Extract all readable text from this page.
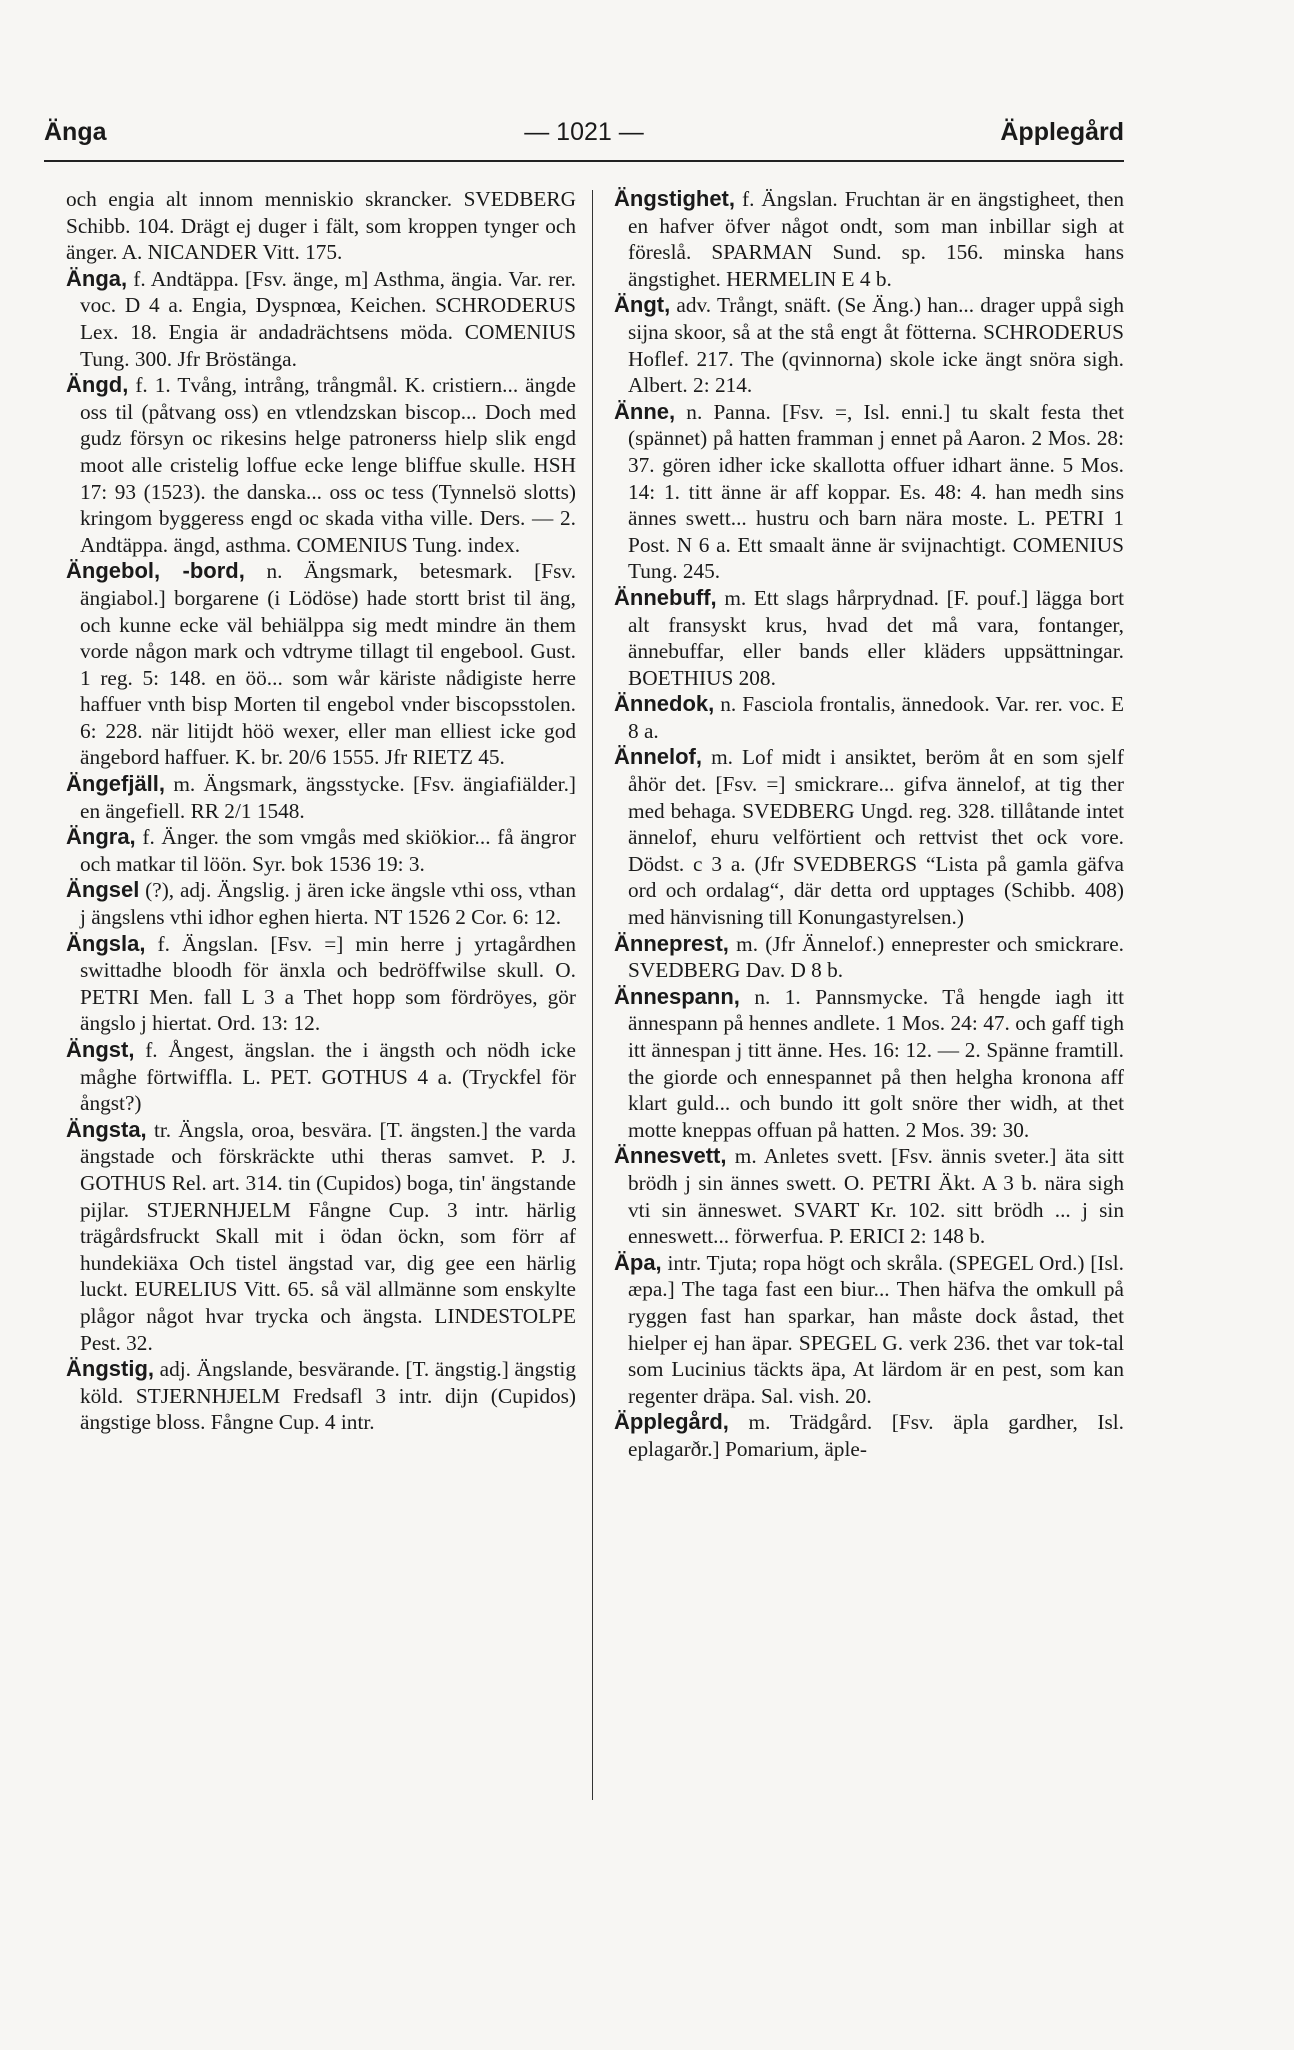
Änga	— 1021 —	Äpplegård

och engia alt innom menniskio skrancker. SVEDBERG Schibb. 104. Drägt ej duger i fält, som kroppen tynger och änger. A. NICANDER Vitt. 175.

Änga, f. Andtäppa. [Fsv. änge, m] Asthma, ängia. Var. rer. voc. D 4 a. Engia, Dyspnœa, Keichen. SCHRODERUS Lex. 18. Engia är andadrächtsens möda. COMENIUS Tung. 300. Jfr Bröstänga.

Ängd, f. 1. Tvång, intrång, trångmål. K. cristiern... ängde oss til (påtvang oss) en vtlendzskan biscop... Doch med gudz försyn oc rikesins helge patronerss hielp slik engd moot alle cristelig loffue ecke lenge bliffue skulle. HSH 17: 93 (1523). the danska... oss oc tess (Tynnelsö slotts) kringom byggeress engd oc skada vitha ville. Ders. — 2. Andtäppa. ängd, asthma. COMENIUS Tung. index.

Ängebol, -bord, n. Ängsmark, betesmark. [Fsv. ängiabol.] borgarene (i Lödöse) hade stortt brist til äng, och kunne ecke väl behiälppa sig medt mindre än them vorde någon mark och vdtryme tillagt til engebool. Gust. 1 reg. 5: 148. en öö... som wår käriste nådigiste herre haffuer vnth bisp Morten til engebol vnder biscopsstolen. 6: 228. när litijdt höö wexer, eller man elliest icke god ängebord haffuer. K. br. 20/6 1555. Jfr RIETZ 45.

Ängefjäll, m. Ängsmark, ängsstycke. [Fsv. ängiafiälder.] en ängefiell. RR 2/1 1548.

Ängra, f. Änger. the som vmgås med skiökior... få ängror och matkar til löön. Syr. bok 1536 19: 3.

Ängsel (?), adj. Ängslig. j ären icke ängsle vthi oss, vthan j ängslens vthi idhor eghen hierta. NT 1526 2 Cor. 6: 12.

Ängsla, f. Ängslan. [Fsv. =] min herre j yrtagårdhen swittadhe bloodh för änxla och bedröffwilse skull. O. PETRI Men. fall L 3 a Thet hopp som fördröyes, gör ängslo j hiertat. Ord. 13: 12.

Ängst, f. Ångest, ängslan. the i ängsth och nödh icke måghe förtwiffla. L. PET. GOTHUS 4 a. (Tryckfel för ångst?)

Ängsta, tr. Ängsla, oroa, besvära. [T. ängsten.] the varda ängstade och förskräckte uthi theras samvet. P. J. GOTHUS Rel. art. 314. tin (Cupidos) boga, tin' ängstande pijlar. STJERNHJELM Fångne Cup. 3 intr. härlig trägårdsfruckt Skall mit i ödan öckn, som förr af hundekiäxa Och tistel ängstad var, dig gee een härlig luckt. EURELIUS Vitt. 65. så väl allmänne som enskylte plågor något hvar trycka och ängsta. LINDESTOLPE Pest. 32.

Ängstig, adj. Ängslande, besvärande. [T. ängstig.] ängstig köld. STJERNHJELM Fredsafl 3 intr. dijn (Cupidos) ängstige bloss. Fångne Cup. 4 intr.

Ängstighet, f. Ängslan. Fruchtan är en ängstigheet, then en hafver öfver något ondt, som man inbillar sigh at föreslå. SPARMAN Sund. sp. 156. minska hans ängstighet. HERMELIN E 4 b.

Ängt, adv. Trångt, snäft. (Se Äng.) han... drager uppå sigh sijna skoor, så at the stå engt åt fötterna. SCHRODERUS Hoflef. 217. The (qvinnorna) skole icke ängt snöra sigh. Albert. 2: 214.

Änne, n. Panna. [Fsv. =, Isl. enni.] tu skalt festa thet (spännet) på hatten framman j ennet på Aaron. 2 Mos. 28: 37. gören idher icke skallotta offuer idhart änne. 5 Mos. 14: 1. titt änne är aff koppar. Es. 48: 4. han medh sins ännes swett... hustru och barn nära moste. L. PETRI 1 Post. N 6 a. Ett smaalt änne är svijnachtigt. COMENIUS Tung. 245.

Ännebuff, m. Ett slags hårprydnad. [F. pouf.] lägga bort alt fransyskt krus, hvad det må vara, fontanger, ännebuffar, eller bands eller kläders uppsättningar. BOETHIUS 208.

Ännedok, n. Fasciola frontalis, ännedook. Var. rer. voc. E 8 a.

Ännelof, m. Lof midt i ansiktet, beröm åt en som sjelf åhör det. [Fsv. =] smickrare... gifva ännelof, at tig ther med behaga. SVEDBERG Ungd. reg. 328. tillåtande intet ännelof, ehuru velförtient och rettvist thet ock vore. Dödst. c 3 a. (Jfr SVEDBERGS “Lista på gamla gäfva ord och ordalag“, där detta ord upptages (Schibb. 408) med hänvisning till Konungastyrelsen.)

Änneprest, m. (Jfr Ännelof.) enneprester och smickrare. SVEDBERG Dav. D 8 b.

Ännespann, n. 1. Pannsmycke. Tå hengde iagh itt ännespann på hennes andlete. 1 Mos. 24: 47. och gaff tigh itt ännespan j titt änne. Hes. 16: 12. — 2. Spänne framtill. the giorde och ennespannet på then helgha kronona aff klart guld... och bundo itt golt snöre ther widh, at thet motte kneppas offuan på hatten. 2 Mos. 39: 30.

Ännesvett, m. Anletes svett. [Fsv. ännis sveter.] äta sitt brödh j sin ännes swett. O. PETRI Äkt. A 3 b. nära sigh vti sin änneswet. SVART Kr. 102. sitt brödh ... j sin enneswett... förwerfua. P. ERICI 2: 148 b.

Äpa, intr. Tjuta; ropa högt och skråla. (SPEGEL Ord.) [Isl. æpa.] The taga fast een biur... Then häfva the omkull på ryggen fast han sparkar, han måste dock åstad, thet hielper ej han äpar. SPEGEL G. verk 236. thet var tok-tal som Lucinius täckts äpa, At lärdom är en pest, som kan regenter dräpa. Sal. vish. 20.

Äpplegård, m. Trädgård. [Fsv. äpla gardher, Isl. eplagarðr.] Pomarium, äple-
